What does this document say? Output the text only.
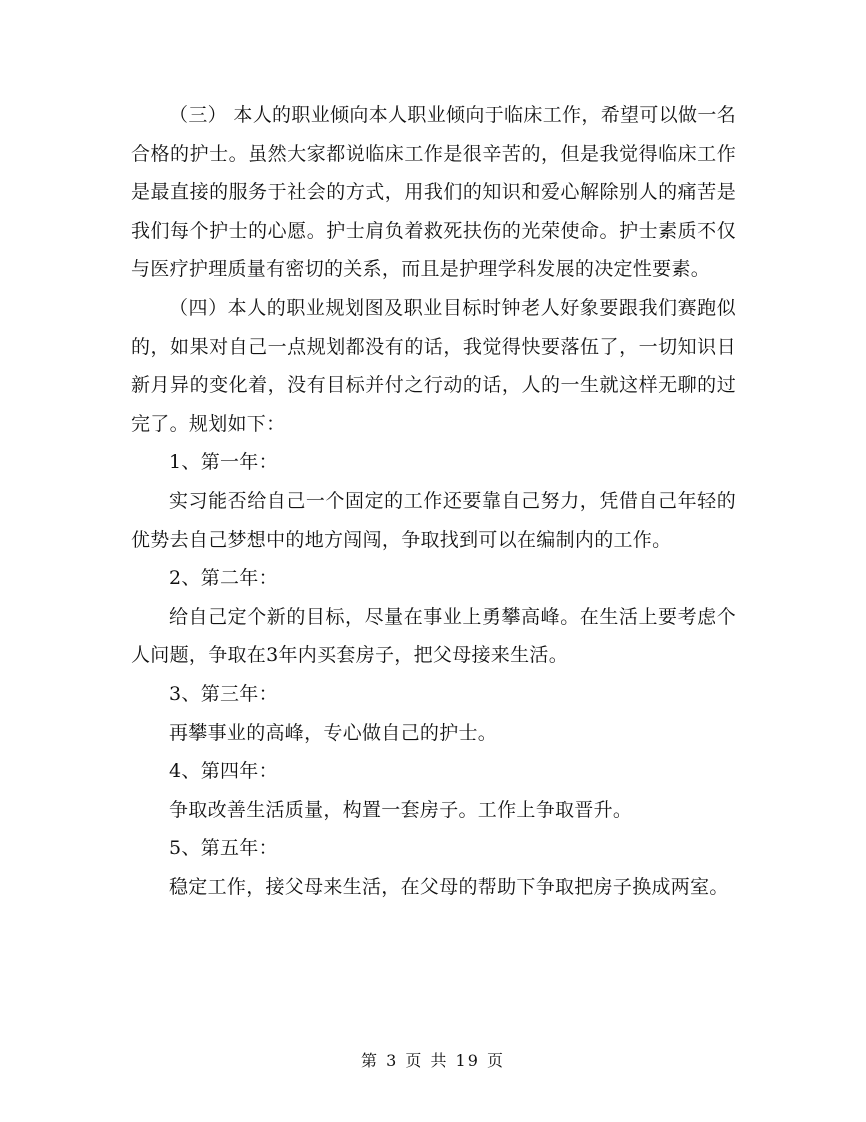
（三） 本人的职业倾向本人职业倾向于临床工作，希望可以做一名合格的护士。虽然大家都说临床工作是很辛苦的，但是我觉得临床工作是最直接的服务于社会的方式，用我们的知识和爱心解除别人的痛苦是我们每个护士的心愿。护士肩负着救死扶伤的光荣使命。护士素质不仅与医疗护理质量有密切的关系，而且是护理学科发展的决定性要素。

（四）本人的职业规划图及职业目标时钟老人好象要跟我们赛跑似的，如果对自己一点规划都没有的话，我觉得快要落伍了，一切知识日新月异的变化着，没有目标并付之行动的话，人的一生就这样无聊的过完了。规划如下：

1、第一年：

实习能否给自己一个固定的工作还要靠自己努力，凭借自己年轻的优势去自己梦想中的地方闯闯，争取找到可以在编制内的工作。

2、第二年：

给自己定个新的目标，尽量在事业上勇攀高峰。在生活上要考虑个人问题，争取在3年内买套房子，把父母接来生活。

3、第三年：

再攀事业的高峰，专心做自己的护士。

4、第四年：

争取改善生活质量，构置一套房子。工作上争取晋升。

5、第五年：

稳定工作，接父母来生活，在父母的帮助下争取把房子换成两室。

第 3 页 共 19 页
